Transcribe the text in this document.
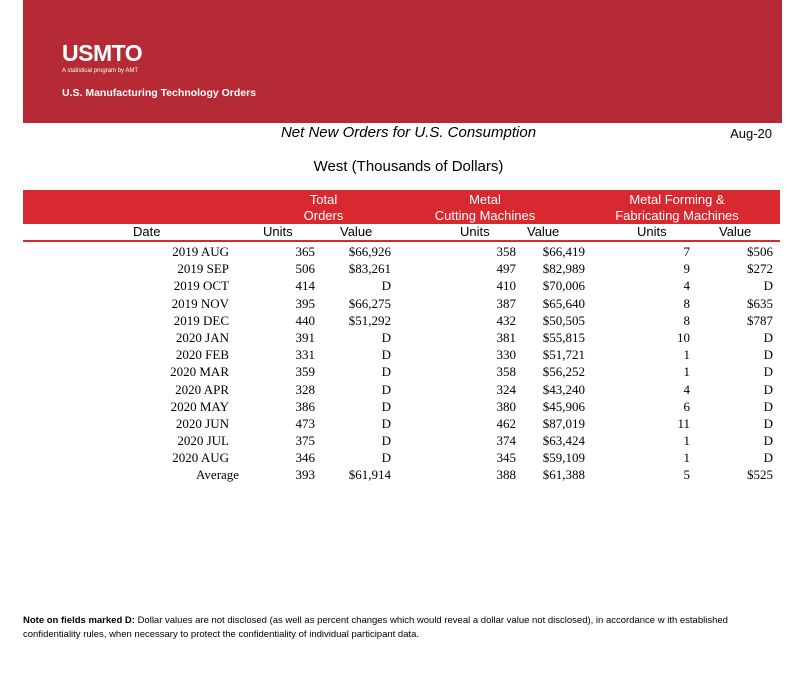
USMTO
A statistical program by AMT
U.S. Manufacturing Technology Orders
Net New Orders for U.S. Consumption	Aug-20
West (Thousands of Dollars)
Total
Orders
Metal
Cutting Machines
Metal Forming &
Fabricating Machines
Date	Units	Value	Units	Value	Units	Value
2019 AUG	365	$66,926	358 $66,419	7	$506
2019 SEP	506	$83,261	497 $82,989	9	$272
2019 OCT	414	D	410 $70,006	4	D
2019 NOV	395	$66,275	387 $65,640	8	$635
2019 DEC	440	$51,292	432 $50,505	8	$787
2020 JAN	391	D	381 $55,815	10	D
2020 FEB	331	D	330 $51,721	1	D
2020 MAR	359	D	358 $56,252	1	D
2020 APR	328	D	324 $43,240	4	D
2020 MAY	386	D	380 $45,906	6	D
2020 JUN	473	D	462 $87,019	11	D
2020 JUL	375	D	374 $63,424	1	D
2020 AUG	346	D	345 $59,109	1	D
Average	393	$61,914	388 $61,388	5	$525
Note on fields marked D: Dollar values are not disclosed (as well as percent changes which would reveal a dollar value not disclosed), in accordance w ith established confidentiality rules, when necessary to protect the confidentiality of individual participant data.
